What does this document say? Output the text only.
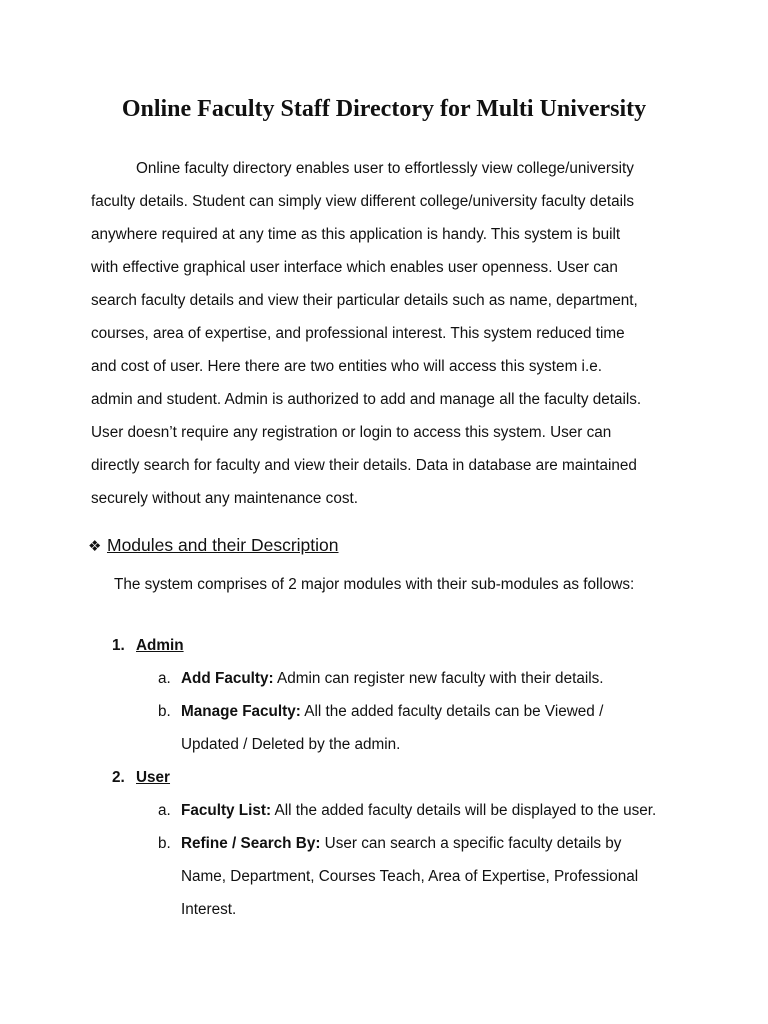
Online Faculty Staff Directory for Multi University

Online faculty directory enables user to effortlessly view college/university
faculty details. Student can simply view different college/university faculty details
anywhere required at any time as this application is handy. This system is built
with effective graphical user interface which enables user openness. User can
search faculty details and view their particular details such as name, department,
courses, area of expertise, and professional interest. This system reduced time
and cost of user. Here there are two entities who will access this system i.e.
admin and student. Admin is authorized to add and manage all the faculty details.
User doesn’t require any registration or login to access this system. User can
directly search for faculty and view their details. Data in database are maintained
securely without any maintenance cost.

❖ Modules and their Description
The system comprises of 2 major modules with their sub-modules as follows:
1. Admin
a. Add Faculty: Admin can register new faculty with their details.
b. Manage Faculty: All the added faculty details can be Viewed /
Updated / Deleted by the admin.
2. User
a. Faculty List: All the added faculty details will be displayed to the user.
b. Refine / Search By: User can search a specific faculty details by
Name, Department, Courses Teach, Area of Expertise, Professional
Interest.
